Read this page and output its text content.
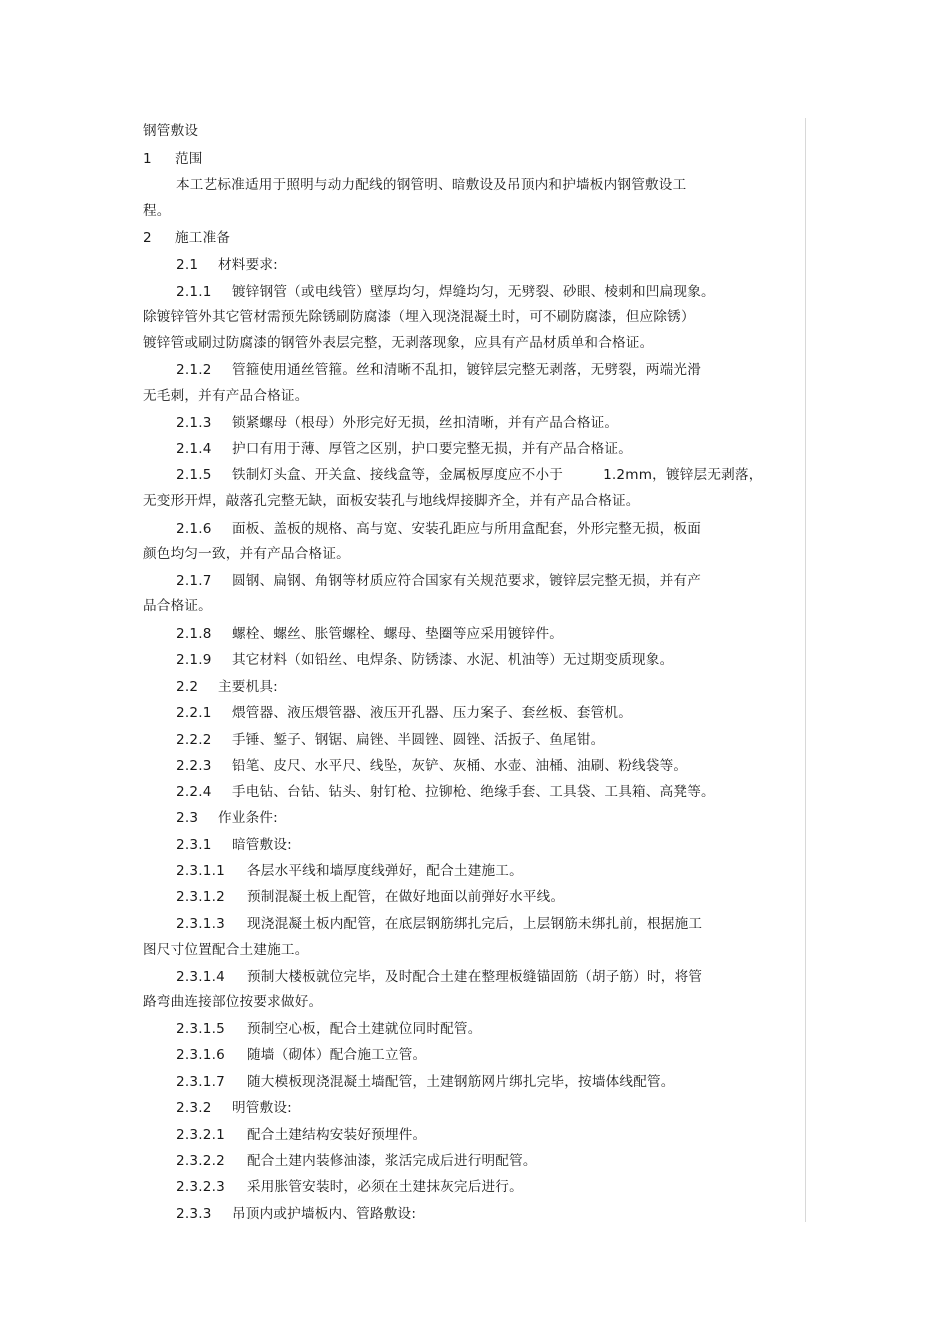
钢管敷设
1 范围
本工艺标准适用于照明与动力配线的钢管明、暗敷设及吊顶内和护墙板内钢管敷设工
程。
2 施工准备
2.1 材料要求:
2.1.1 镀锌钢管（或电线管）壁厚均匀，焊缝均匀，无劈裂、砂眼、棱刺和凹扁现象。
除镀锌管外其它管材需预先除锈刷防腐漆（埋入现浇混凝土时，可不刷防腐漆，但应除锈）
镀锌管或刷过防腐漆的钢管外表层完整，无剥落现象，应具有产品材质单和合格证。
2.1.2 管箍使用通丝管箍。丝和清晰不乱扣，镀锌层完整无剥落，无劈裂，两端光滑
无毛刺，并有产品合格证。
2.1.3 锁紧螺母（根母）外形完好无损，丝扣清晰，并有产品合格证。
2.1.4 护口有用于薄、厚管之区别，护口要完整无损，并有产品合格证。
2.1.5 铁制灯头盒、开关盒、接线盒等，金属板厚度应不小于	1.2mm，镀锌层无剥落，
无变形开焊，敲落孔完整无缺，面板安装孔与地线焊接脚齐全，并有产品合格证。
2.1.6 面板、盖板的规格、高与宽、安装孔距应与所用盒配套，外形完整无损，板面
颜色均匀一致，并有产品合格证。
2.1.7 圆钢、扁钢、角钢等材质应符合国家有关规范要求，镀锌层完整无损，并有产
品合格证。
2.1.8 螺栓、螺丝、胀管螺栓、螺母、垫圈等应采用镀锌件。
2.1.9 其它材料（如铅丝、电焊条、防锈漆、水泥、机油等）无过期变质现象。
2.2 主要机具:
2.2.1 煨管器、液压煨管器、液压开孔器、压力案子、套丝板、套管机。
2.2.2 手锤、錾子、钢锯、扁锉、半圆锉、圆锉、活扳子、鱼尾钳。
2.2.3 铅笔、皮尺、水平尺、线坠，灰铲、灰桶、水壶、油桶、油刷、粉线袋等。
2.2.4 手电钻、台钻、钻头、射钉枪、拉铆枪、绝缘手套、工具袋、工具箱、高凳等。
2.3 作业条件:
2.3.1 暗管敷设:
2.3.1.1 各层水平线和墙厚度线弹好，配合土建施工。
2.3.1.2 预制混凝土板上配管，在做好地面以前弹好水平线。
2.3.1.3 现浇混凝土板内配管，在底层钢筋绑扎完后，上层钢筋未绑扎前，根据施工
图尺寸位置配合土建施工。
2.3.1.4 预制大楼板就位完毕，及时配合土建在整理板缝锚固筋（胡子筋）时，将管
路弯曲连接部位按要求做好。
2.3.1.5 预制空心板，配合土建就位同时配管。
2.3.1.6 随墙（砌体）配合施工立管。
2.3.1.7 随大模板现浇混凝土墙配管，土建钢筋网片绑扎完毕，按墙体线配管。
2.3.2 明管敷设:
2.3.2.1 配合土建结构安装好预埋件。
2.3.2.2 配合土建内装修油漆，浆活完成后进行明配管。
2.3.2.3 采用胀管安装时，必须在土建抹灰完后进行。
2.3.3 吊顶内或护墙板内、管路敷设:
